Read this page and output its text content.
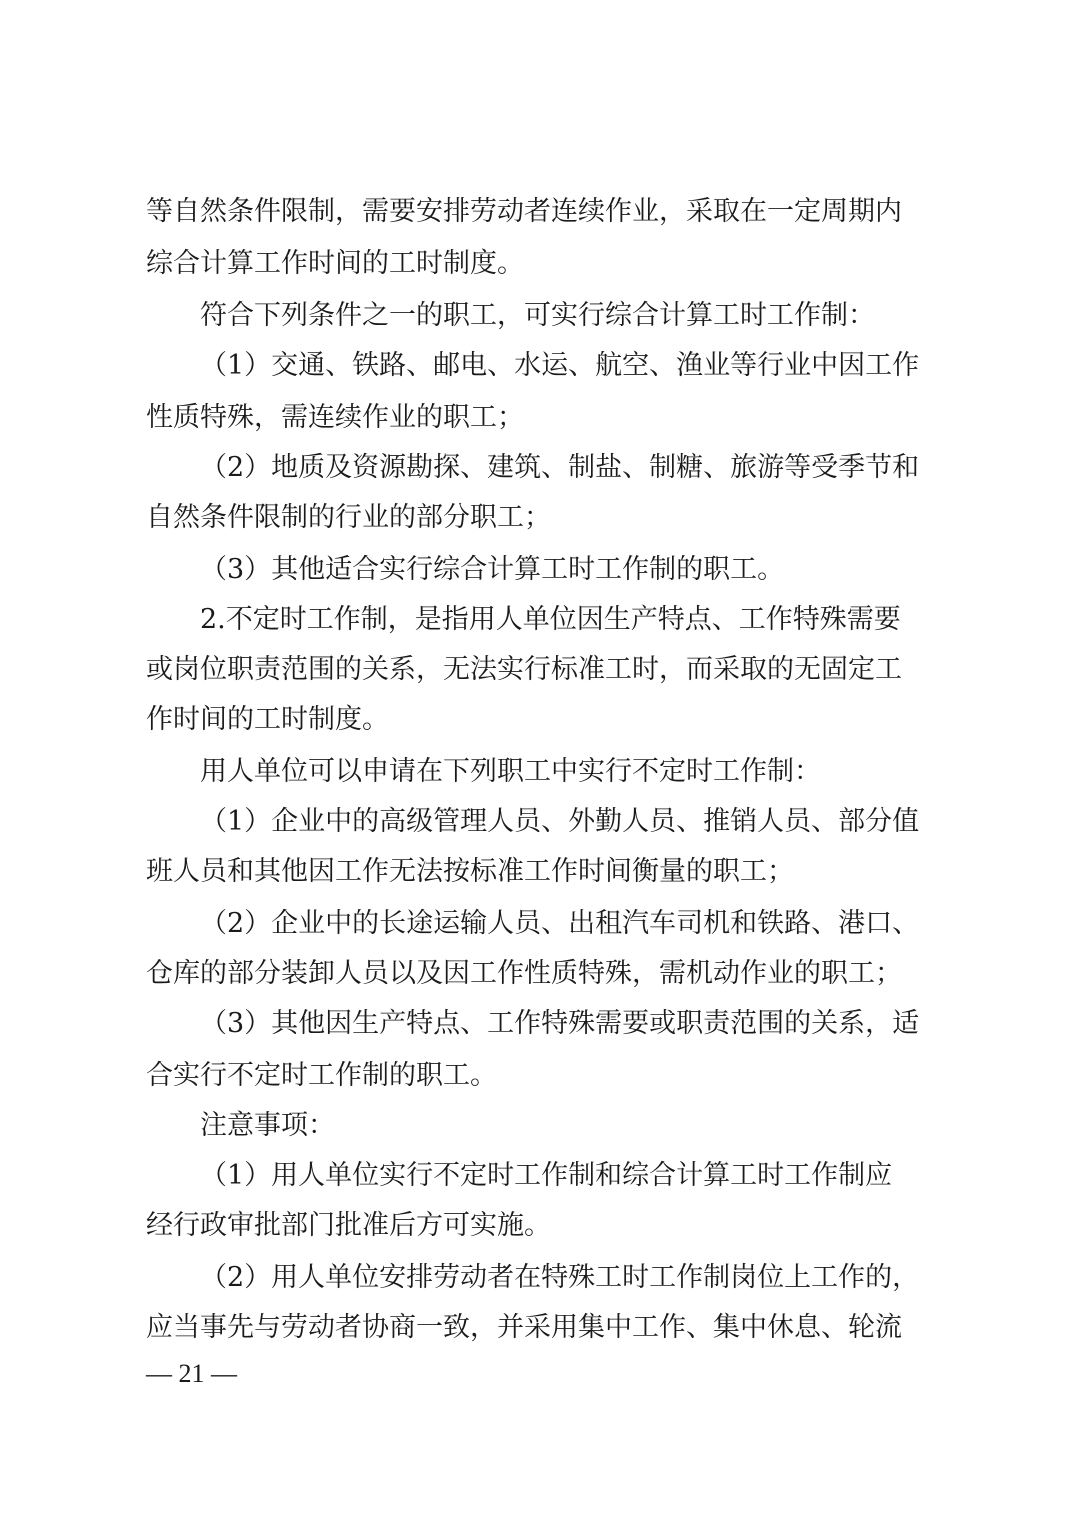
等自然条件限制，需要安排劳动者连续作业，采取在一定周期内
综合计算工作时间的工时制度。
符合下列条件之一的职工，可实行综合计算工时工作制：
（1）交通、铁路、邮电、水运、航空、渔业等行业中因工作
性质特殊，需连续作业的职工；
（2）地质及资源勘探、建筑、制盐、制糖、旅游等受季节和
自然条件限制的行业的部分职工；
（3）其他适合实行综合计算工时工作制的职工。
2.不定时工作制，是指用人单位因生产特点、工作特殊需要
或岗位职责范围的关系，无法实行标准工时，而采取的无固定工
作时间的工时制度。
用人单位可以申请在下列职工中实行不定时工作制：
（1）企业中的高级管理人员、外勤人员、推销人员、部分值
班人员和其他因工作无法按标准工作时间衡量的职工；
（2）企业中的长途运输人员、出租汽车司机和铁路、港口、
仓库的部分装卸人员以及因工作性质特殊，需机动作业的职工；
（3）其他因生产特点、工作特殊需要或职责范围的关系，适
合实行不定时工作制的职工。
注意事项：
（1）用人单位实行不定时工作制和综合计算工时工作制应
经行政审批部门批准后方可实施。
（2）用人单位安排劳动者在特殊工时工作制岗位上工作的，
应当事先与劳动者协商一致，并采用集中工作、集中休息、轮流
— 21 —
